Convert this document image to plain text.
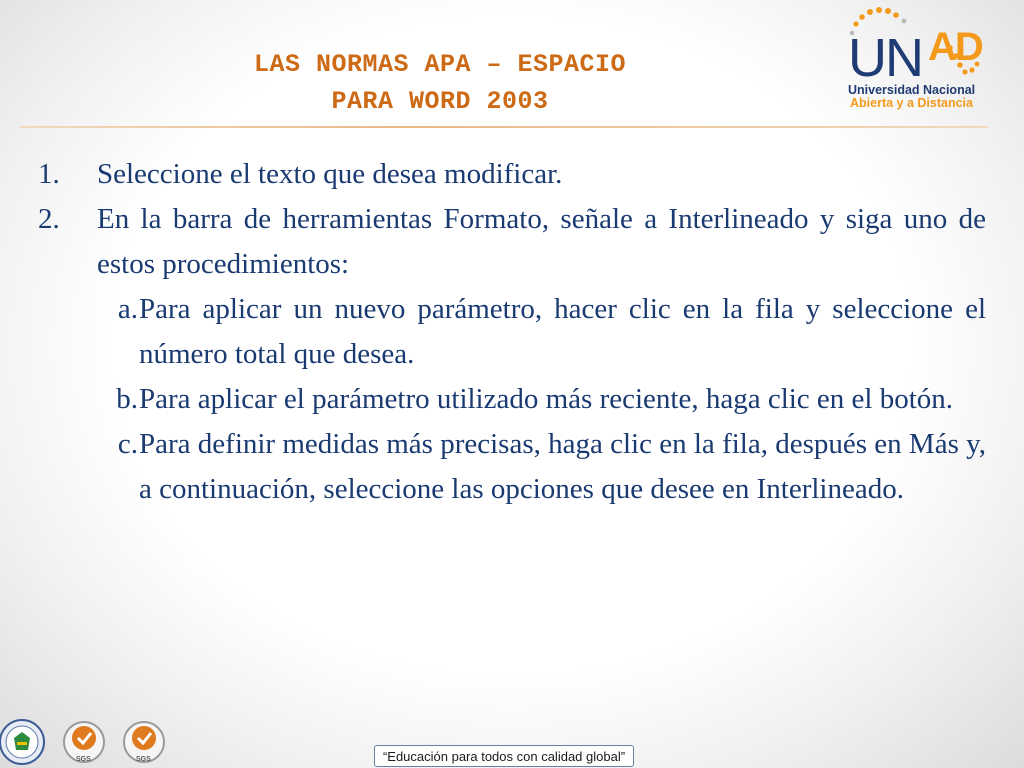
LAS NORMAS APA – ESPACIO
PARA WORD 2003
UN AD
Universidad Nacional
Abierta y a Distancia
1.	Seleccione el texto que desea modificar.
2.	En la barra de herramientas Formato, señale a Interlineado y siga uno de estos procedimientos:
a. Para aplicar un nuevo parámetro, hacer clic en la fila y seleccione el número total que desea.
b. Para aplicar el parámetro utilizado más reciente, haga clic en el botón.
c. Para definir medidas más precisas, haga clic en la fila, después en Más y, a continuación, seleccione las opciones que desee en Interlineado.
SGS	SGS	“Educación para todos con calidad global”
